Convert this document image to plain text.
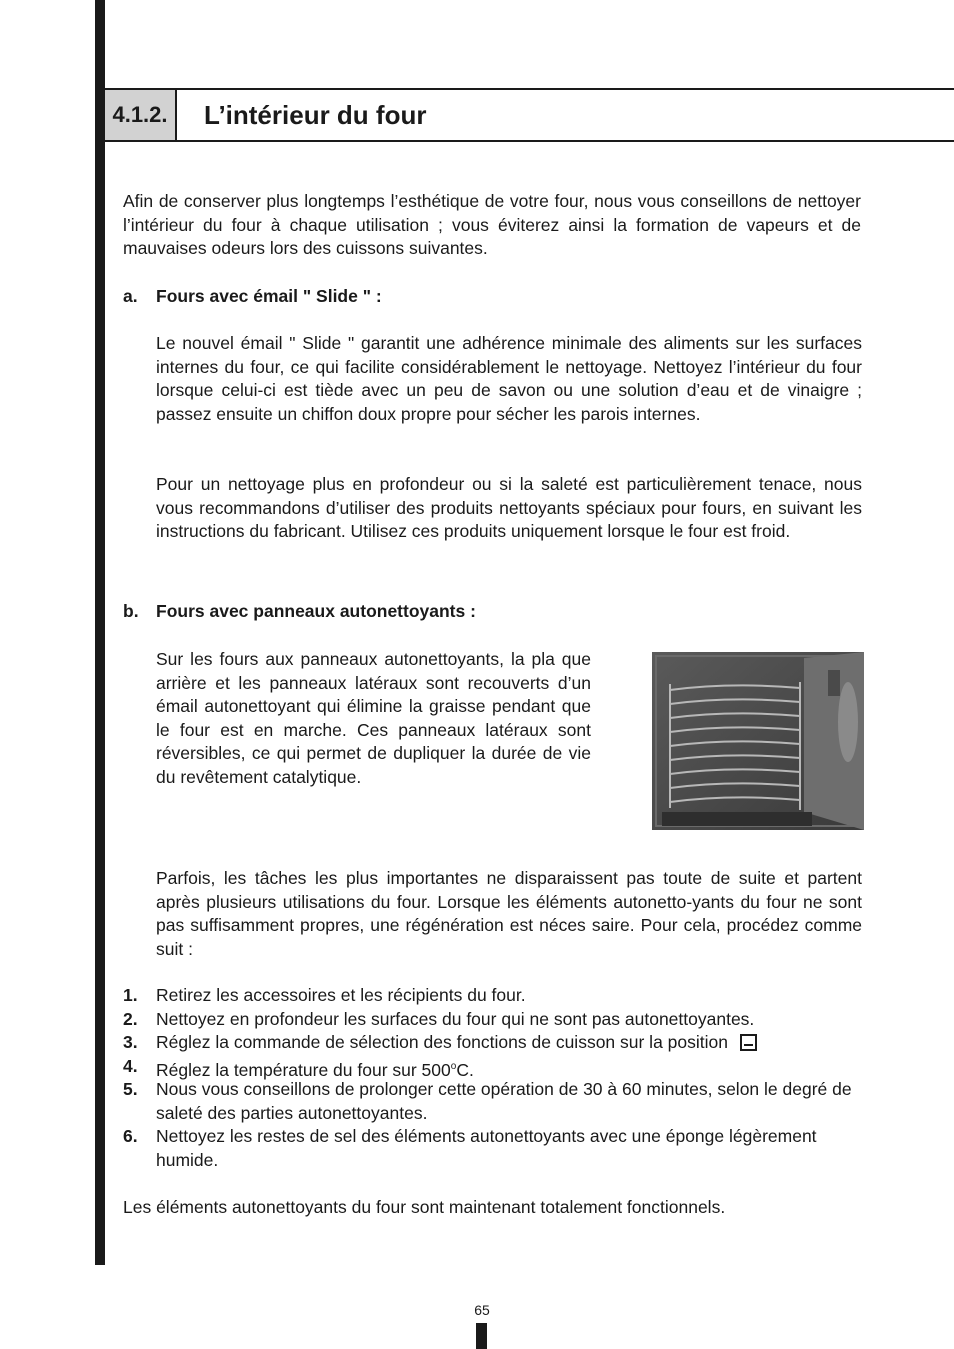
4.1.2.	L’intérieur du four
Afin de conserver plus longtemps l’esthétique de votre four, nous vous conseillons de nettoyer l’intérieur du four à chaque utilisation ; vous éviterez ainsi la formation de vapeurs et de mauvaises odeurs lors des cuissons suivantes.
a. Fours avec émail " Slide " :
Le nouvel émail " Slide " garantit une adhérence minimale des aliments sur les surfaces internes du four, ce qui facilite considérablement le nettoyage. Nettoyez l’intérieur du four lorsque celui-ci est tiède avec un peu de savon ou une solution d’eau et de vinaigre ; passez ensuite un chiffon doux propre pour sécher les parois internes.
Pour un nettoyage plus en profondeur ou si la saleté est particulièrement tenace, nous vous recommandons d’utiliser des produits nettoyants spéciaux pour fours, en suivant les instructions du fabricant. Utilisez ces produits uniquement lorsque le four est froid.
b. Fours avec panneaux autonettoyants :
Sur les fours aux panneaux autonettoyants, la pla que arrière et les panneaux latéraux sont recouverts d’un émail autonettoyant qui élimine la graisse pendant que le four est en marche. Ces panneaux latéraux sont réversibles, ce qui permet de dupliquer la durée de vie du revêtement catalytique.
Parfois, les tâches les plus importantes ne disparaissent pas toute de suite et partent après plusieurs utilisations du four. Lorsque les éléments autonetto-yants du four ne sont pas suffisamment propres, une régénération est néces saire. Pour cela, procédez comme suit :
1. Retirez les accessoires et les récipients du four.
2. Nettoyez en profondeur les surfaces du four qui ne sont pas autonettoyantes.
3. Réglez la commande de sélection des fonctions de cuisson sur la position
4. Réglez la température du four sur 500$^o$C.
5. Nous vous conseillons de prolonger cette opération de 30 à 60 minutes, selon le degré de saleté des parties autonettoyantes.
6. Nettoyez les restes de sel des éléments autonettoyants avec une éponge légèrement humide.
Les éléments autonettoyants du four sont maintenant totalement fonctionnels.
65
